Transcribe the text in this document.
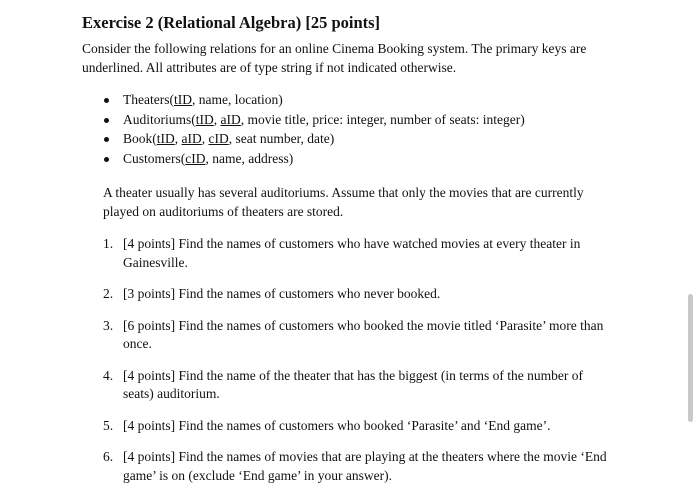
Exercise 2 (Relational Algebra) [25 points]

Consider the following relations for an online Cinema Booking system. The primary keys are underlined. All attributes are of type string if not indicated otherwise.

Theaters(tID, name, location)
Auditoriums(tID, aID, movie title, price: integer, number of seats: integer)
Book(tID, aID, cID, seat number, date)
Customers(cID, name, address)

A theater usually has several auditoriums. Assume that only the movies that are currently played on auditoriums of theaters are stored.

1. [4 points] Find the names of customers who have watched movies at every theater in Gainesville.
2. [3 points] Find the names of customers who never booked.
3. [6 points] Find the names of customers who booked the movie titled ‘Parasite’ more than once.
4. [4 points] Find the name of the theater that has the biggest (in terms of the number of seats) auditorium.
5. [4 points] Find the names of customers who booked ‘Parasite’ and ‘End game’.
6. [4 points] Find the names of movies that are playing at the theaters where the movie ‘End game’ is on (exclude ‘End game’ in your answer).
